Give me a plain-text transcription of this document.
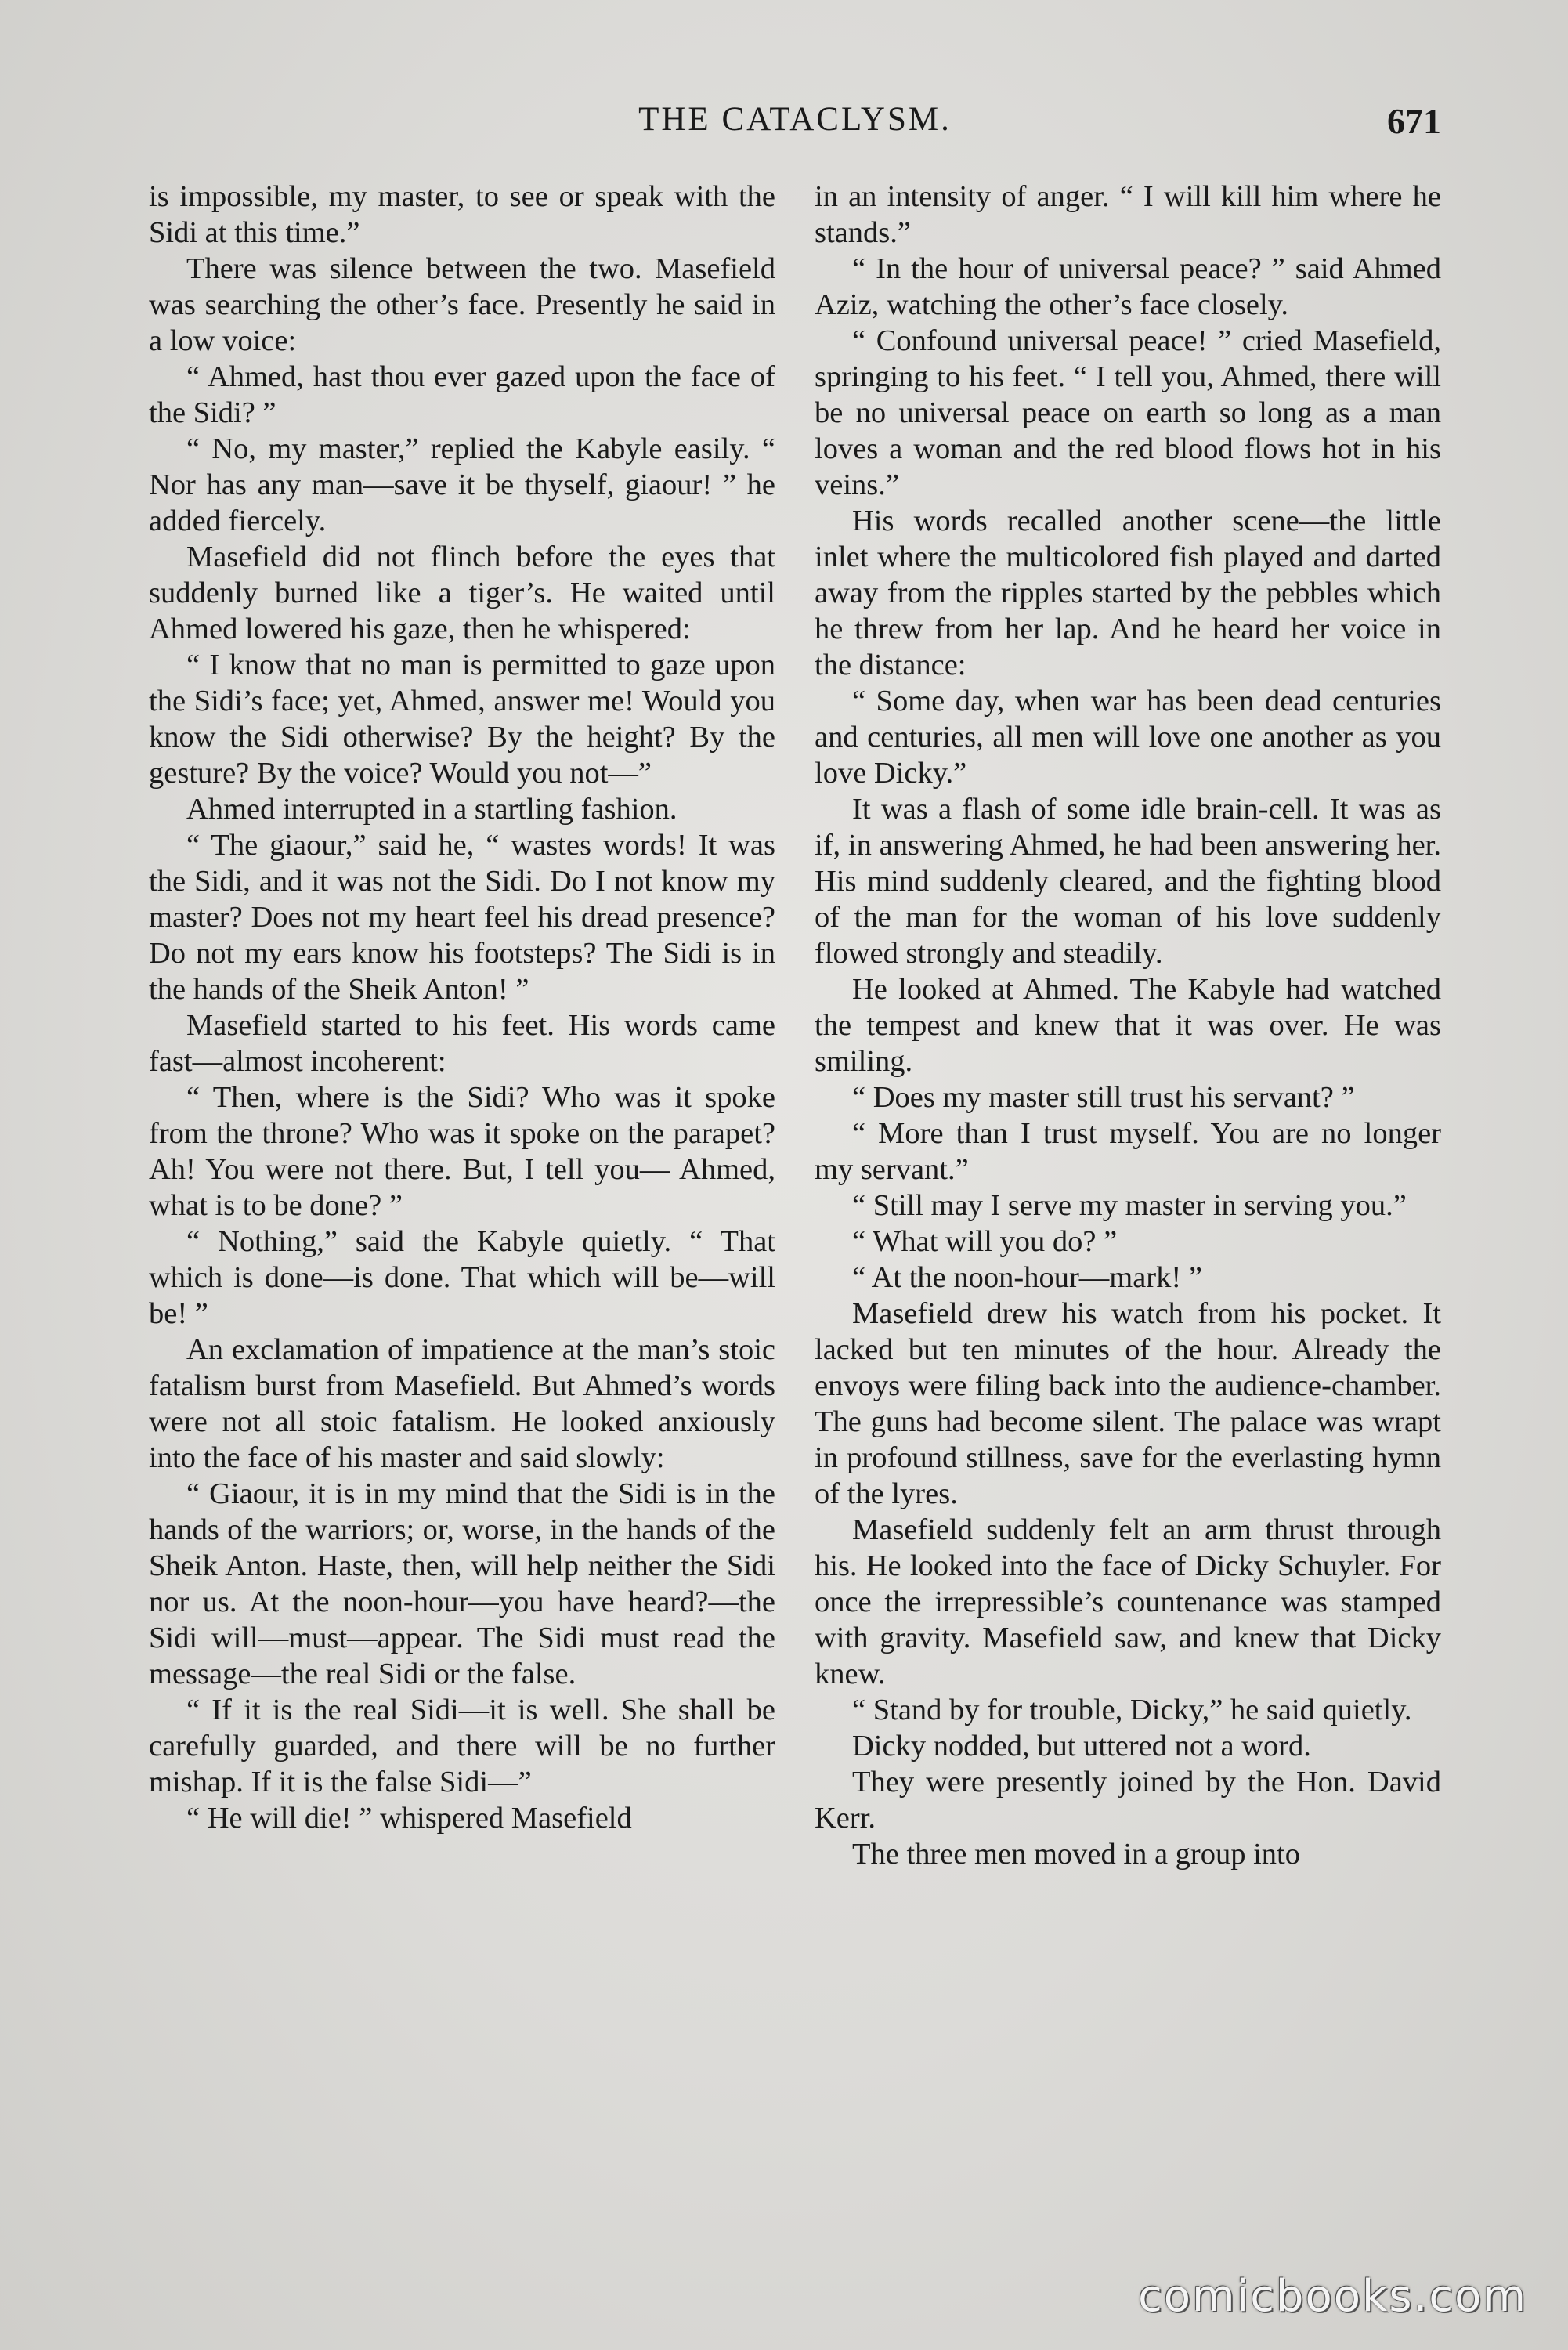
THE CATACLYSM.	671

is impossible, my master, to see or speak with the Sidi at this time.”

There was silence between the two. Masefield was searching the other’s face. Presently he said in a low voice:

“ Ahmed, hast thou ever gazed upon the face of the Sidi? ”

“ No, my master,” replied the Kabyle easily. “ Nor has any man—save it be thyself, giaour! ” he added fiercely.

Masefield did not flinch before the eyes that suddenly burned like a tiger’s. He waited until Ahmed lowered his gaze, then he whispered:

“ I know that no man is permitted to gaze upon the Sidi’s face; yet, Ahmed, answer me! Would you know the Sidi otherwise? By the height? By the gesture? By the voice? Would you not—”

Ahmed interrupted in a startling fashion.

“ The giaour,” said he, “ wastes words! It was the Sidi, and it was not the Sidi. Do I not know my master? Does not my heart feel his dread presence? Do not my ears know his footsteps? The Sidi is in the hands of the Sheik Anton! ”

Masefield started to his feet. His words came fast—almost incoherent:

“ Then, where is the Sidi? Who was it spoke from the throne? Who was it spoke on the parapet? Ah! You were not there. But, I tell you— Ahmed, what is to be done? ”

“ Nothing,” said the Kabyle quietly. “ That which is done—is done. That which will be—will be! ”

An exclamation of impatience at the man’s stoic fatalism burst from Masefield. But Ahmed’s words were not all stoic fatalism. He looked anxiously into the face of his master and said slowly:

“ Giaour, it is in my mind that the Sidi is in the hands of the warriors; or, worse, in the hands of the Sheik Anton. Haste, then, will help neither the Sidi nor us. At the noon-hour—you have heard?—the Sidi will—must—appear. The Sidi must read the message—the real Sidi or the false.

“ If it is the real Sidi—it is well. She shall be carefully guarded, and there will be no further mishap. If it is the false Sidi—”

“ He will die! ” whispered Masefield

in an intensity of anger. “ I will kill him where he stands.”

“ In the hour of universal peace? ” said Ahmed Aziz, watching the other’s face closely.

“ Confound universal peace! ” cried Masefield, springing to his feet. “ I tell you, Ahmed, there will be no universal peace on earth so long as a man loves a woman and the red blood flows hot in his veins.”

His words recalled another scene—the little inlet where the multicolored fish played and darted away from the ripples started by the pebbles which he threw from her lap. And he heard her voice in the distance:

“ Some day, when war has been dead centuries and centuries, all men will love one another as you love Dicky.”

It was a flash of some idle brain-cell. It was as if, in answering Ahmed, he had been answering her. His mind suddenly cleared, and the fighting blood of the man for the woman of his love suddenly flowed strongly and steadily.

He looked at Ahmed. The Kabyle had watched the tempest and knew that it was over. He was smiling.

“ Does my master still trust his servant? ”

“ More than I trust myself. You are no longer my servant.”

“ Still may I serve my master in serving you.”

“ What will you do? ”

“ At the noon-hour—mark! ”

Masefield drew his watch from his pocket. It lacked but ten minutes of the hour. Already the envoys were filing back into the audience-chamber. The guns had become silent. The palace was wrapt in profound stillness, save for the everlasting hymn of the lyres.

Masefield suddenly felt an arm thrust through his. He looked into the face of Dicky Schuyler. For once the irrepressible’s countenance was stamped with gravity. Masefield saw, and knew that Dicky knew.

“ Stand by for trouble, Dicky,” he said quietly.

Dicky nodded, but uttered not a word.

They were presently joined by the Hon. David Kerr.

The three men moved in a group into

comicbooks.com
